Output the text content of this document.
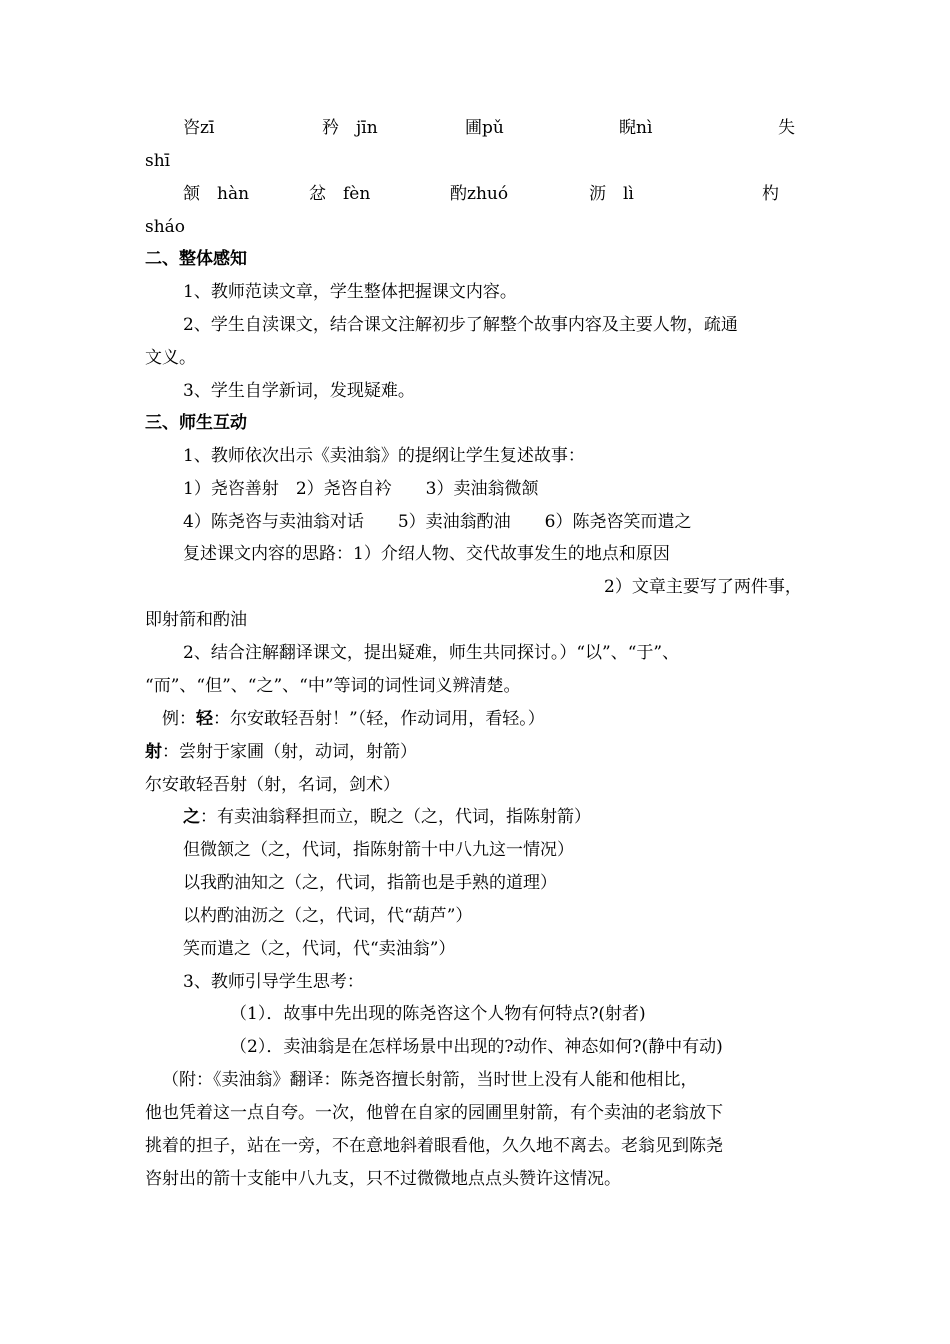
咨zī	矜　jīn	圃pǔ	睨nì	失
shī
颔　hàn	忿　fèn	酌zhuó	沥　lì	杓
sháo
二、整体感知
1、教师范读文章，学生整体把握课文内容。
2、学生自渎课文，结合课文注解初步了解整个故事内容及主要人物，疏通
文义。
3、学生自学新词，发现疑难。
三、师生互动
1、教师依次出示《卖油翁》的提纲让学生复述故事：
1）尧咨善射　2）尧咨自衿　　3）卖油翁微颔
4）陈尧咨与卖油翁对话　　5）卖油翁酌油　　6）陈尧咨笑而遣之
复述课文内容的思路：1）介绍人物、交代故事发生的地点和原因
2）文章主要写了两件事，
即射箭和酌油
2、结合注解翻译课文，提出疑难，师生共同探讨。）“以”、“于”、
“而”、“但”、“之”、“中”等词的词性词义辨清楚。
例：轻：尔安敢轻吾射！”（轻，作动词用，看轻。）
射：尝射于家圃（射，动词，射箭）
尔安敢轻吾射（射，名词，剑术）
之：有卖油翁释担而立，睨之（之，代词，指陈射箭）
但微颔之（之，代词，指陈射箭十中八九这一情况）
以我酌油知之（之，代词，指箭也是手熟的道理）
以杓酌油沥之（之，代词，代“葫芦”）
笑而遣之（之，代词，代“卖油翁”）
3、教师引导学生思考：
（1）．故事中先出现的陈尧咨这个人物有何特点?(射者)
（2）．卖油翁是在怎样场景中出现的?动作、神态如何?(静中有动)
（附：《卖油翁》翻译：陈尧咨擅长射箭，当时世上没有人能和他相比，
他也凭着这一点自夸。一次，他曾在自家的园圃里射箭，有个卖油的老翁放下
挑着的担子，站在一旁，不在意地斜着眼看他，久久地不离去。老翁见到陈尧
咨射出的箭十支能中八九支，只不过微微地点点头赞许这情况。
